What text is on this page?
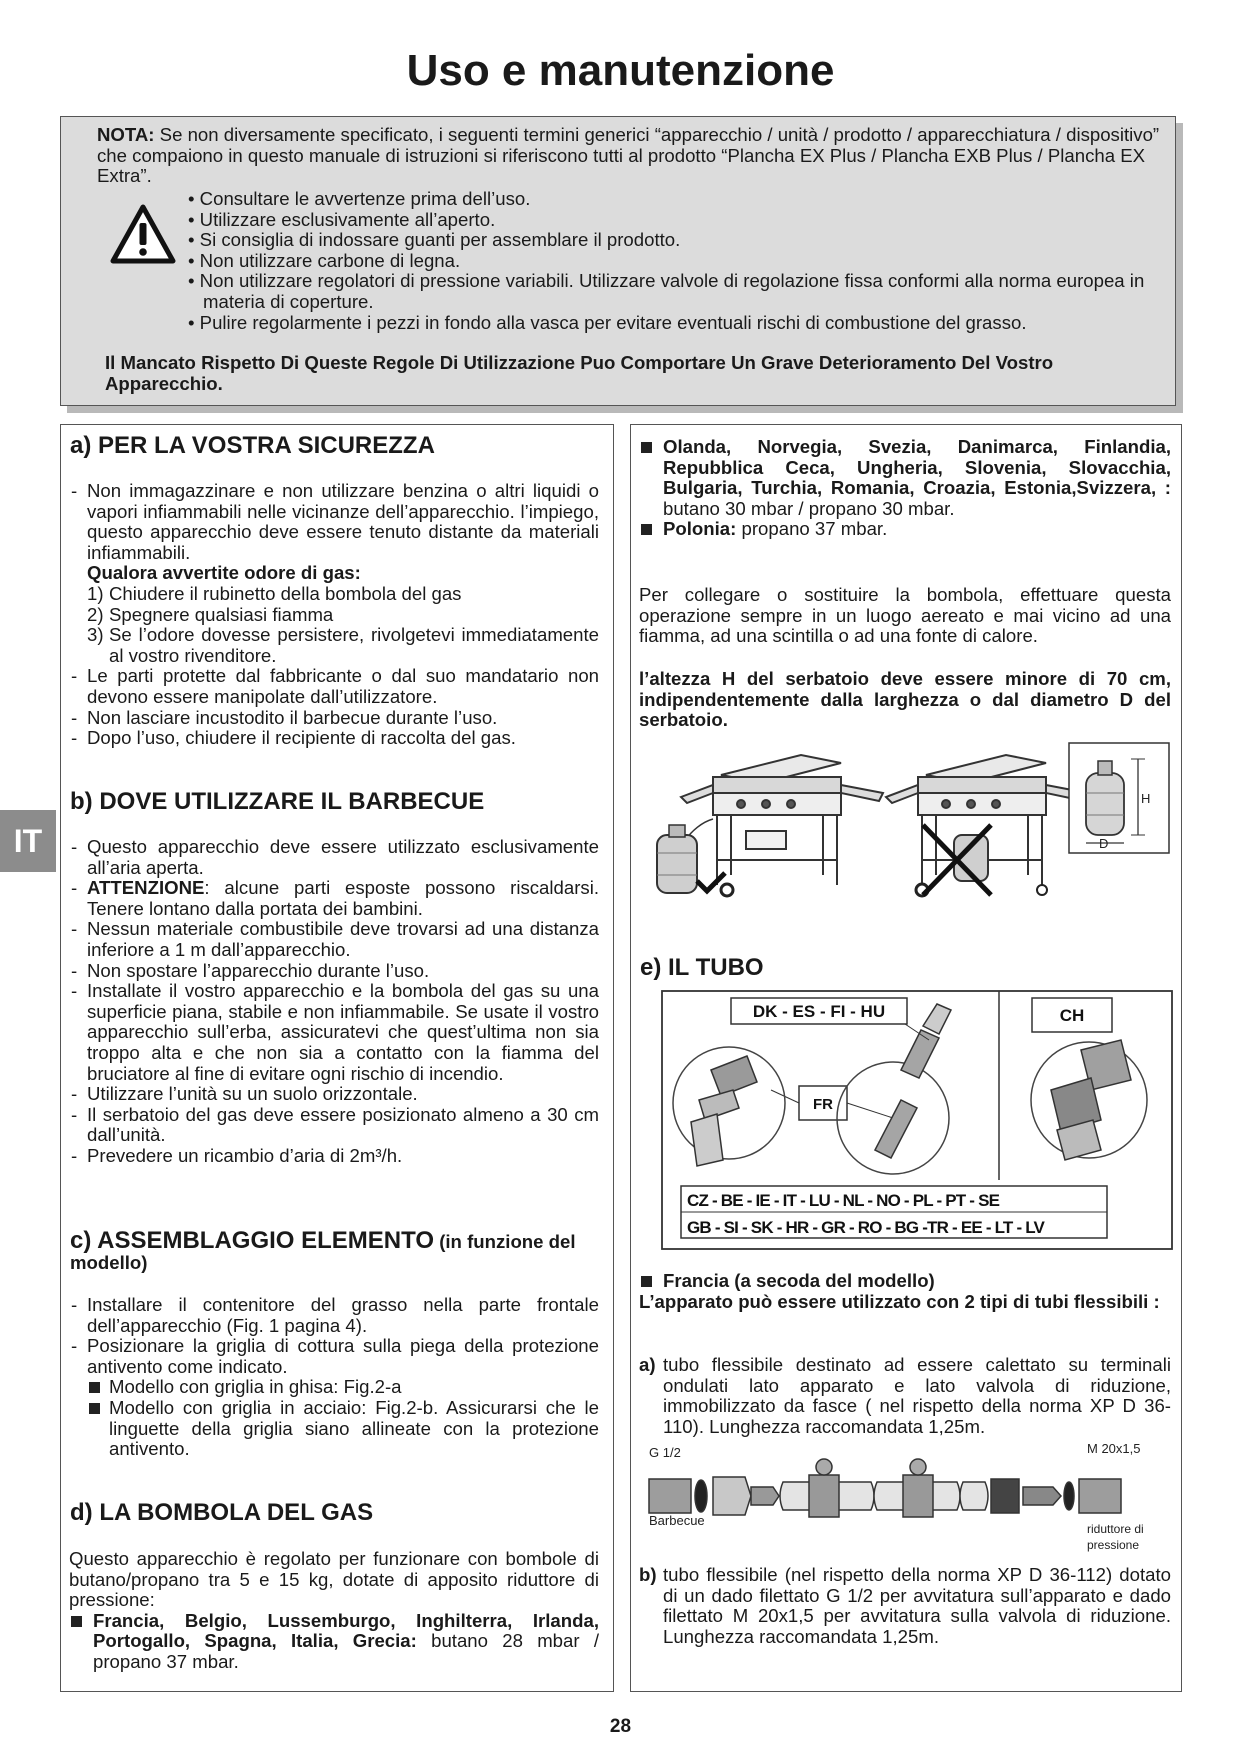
Uso e manutenzione
NOTA: Se non diversamente specificato, i seguenti termini generici “apparecchio / unità / prodotto / apparecchiatura / dispositivo” che compaiono in questo manuale di istruzioni si riferiscono tutti al prodotto “Plancha EX Plus / Plancha EXB Plus / Plancha EX Extra”.
• Consultare le avvertenze prima dell’uso.
• Utilizzare esclusivamente all’aperto.
• Si consiglia di indossare guanti per assemblare il prodotto.
• Non utilizzare carbone di legna.
• Non utilizzare regolatori di pressione variabili. Utilizzare valvole di regolazione fissa conformi alla norma europea in materia di coperture.
• Pulire regolarmente i pezzi in fondo alla vasca per evitare eventuali rischi di combustione del grasso.
Il Mancato Rispetto Di Queste Regole Di Utilizzazione Puo Comportare Un Grave Deterioramento Del Vostro Apparecchio.
IT
a) PER LA VOSTRA SICUREZZA
- Non immagazzinare e non utilizzare benzina o altri liquidi o vapori infiammabili nelle vicinanze dell’apparecchio. l’impiego, questo apparecchio deve essere tenuto distante da materiali infiammabili.
Qualora avvertite odore di gas:
1) Chiudere il rubinetto della bombola del gas
2) Spegnere qualsiasi fiamma
3) Se l’odore dovesse persistere, rivolgetevi immediatamente al vostro rivenditore.
- Le parti protette dal fabbricante o dal suo mandatario non devono essere manipolate dall’utilizzatore.
- Non lasciare incustodito il barbecue durante l’uso.
- Dopo l’uso, chiudere il recipiente di raccolta del gas.
b) DOVE UTILIZZARE IL BARBECUE
- Questo apparecchio deve essere utilizzato esclusivamente all’aria aperta.
- ATTENZIONE: alcune parti esposte possono riscaldarsi. Tenere lontano dalla portata dei bambini.
- Nessun materiale combustibile deve trovarsi ad una distanza inferiore a 1 m dall’apparecchio.
- Non spostare l’apparecchio durante l’uso.
- Installate il vostro apparecchio e la bombola del gas su una superficie piana, stabile e non infiammabile. Se usate il vostro apparecchio sull’erba, assicuratevi che quest’ultima non sia troppo alta e che non sia a contatto con la fiamma del bruciatore al fine di evitare ogni rischio di incendio.
- Utilizzare l’unità su un suolo orizzontale.
- Il serbatoio del gas deve essere posizionato almeno a 30 cm dall’unità.
- Prevedere un ricambio d’aria di 2m³/h.
c) ASSEMBLAGGIO ELEMENTO (in funzione del modello)
- Installare il contenitore del grasso nella parte frontale dell’apparecchio (Fig. 1 pagina 4).
- Posizionare la griglia di cottura sulla piega della protezione antivento come indicato.
Modello con griglia in ghisa: Fig.2-a
Modello con griglia in acciaio: Fig.2-b. Assicurarsi che le linguette della griglia siano allineate con la protezione antivento.
d) LA BOMBOLA DEL GAS
Questo apparecchio è regolato per funzionare con bombole di butano/propano tra 5 e 15 kg, dotate di apposito riduttore di pressione:
Francia, Belgio, Lussemburgo, Inghilterra, Irlanda, Portogallo, Spagna, Italia, Grecia: butano 28 mbar / propano 37 mbar.
Olanda, Norvegia, Svezia, Danimarca, Finlandia, Repubblica Ceca, Ungheria, Slovenia, Slovacchia, Bulgaria, Turchia, Romania, Croazia, Estonia,Svizzera, : butano 30 mbar / propano 30 mbar.
Polonia: propano 37 mbar.
Per collegare o sostituire la bombola, effettuare questa operazione sempre in un luogo aereato e mai vicino ad una fiamma, ad una scintilla o ad una fonte di calore.
l’altezza H del serbatoio deve essere minore di 70 cm, indipendentemente dalla larghezza o dal diametro D del serbatoio.
H
D
e) IL TUBO
DK - ES - FI - HU	CH
FR
CZ - BE - IE - IT - LU - NL - NO - PL - PT - SE
GB - SI - SK - HR - GR - RO - BG -TR - EE - LT - LV
Francia (a secoda del modello)
L’apparato può essere utilizzato con 2 tipi di tubi flessibili :
a) tubo flessibile destinato ad essere calettato su terminali ondulati lato apparato e lato valvola di riduzione, immobilizzato da fasce ( nel rispetto della norma XP D 36-110). Lunghezza raccomandata 1,25m.
G 1/2	M 20x1,5
Barbecue
riduttore di
pressione
b) tubo flessibile (nel rispetto della norma XP D 36-112) dotato di un dado filettato G 1/2 per avvitatura sull’apparato e dado filettato M 20x1,5 per avvitatura sulla valvola di riduzione. Lunghezza raccomandata 1,25m.
28
